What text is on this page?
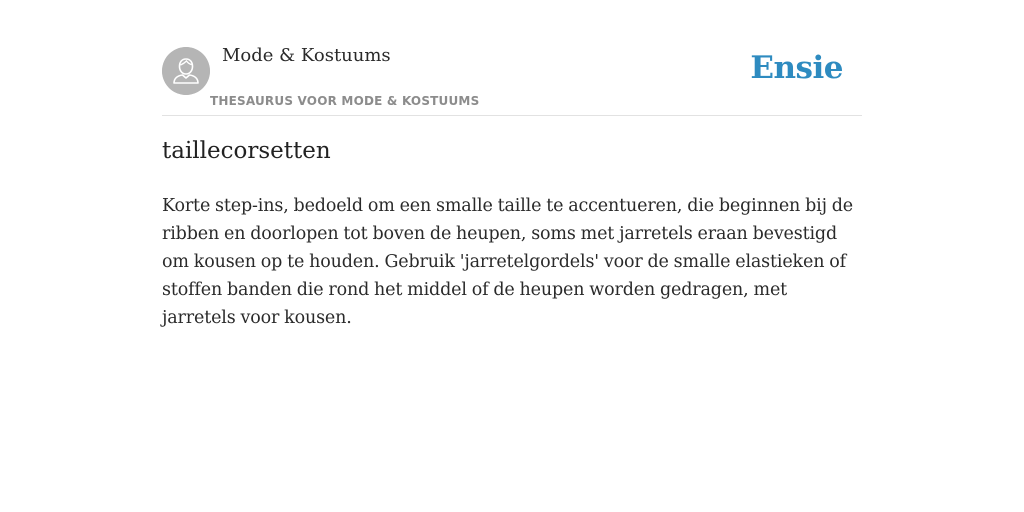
Mode & Kostuums
THESAURUS VOOR MODE & KOSTUUMS
Ensie
taillecorsetten

Korte step-ins, bedoeld om een smalle taille te accentueren, die beginnen bij de ribben en doorlopen tot boven de heupen, soms met jarretels eraan bevestigd om kousen op te houden. Gebruik 'jarretelgordels' voor de smalle elastieken of stoffen banden die rond het middel of de heupen worden gedragen, met jarretels voor kousen.
